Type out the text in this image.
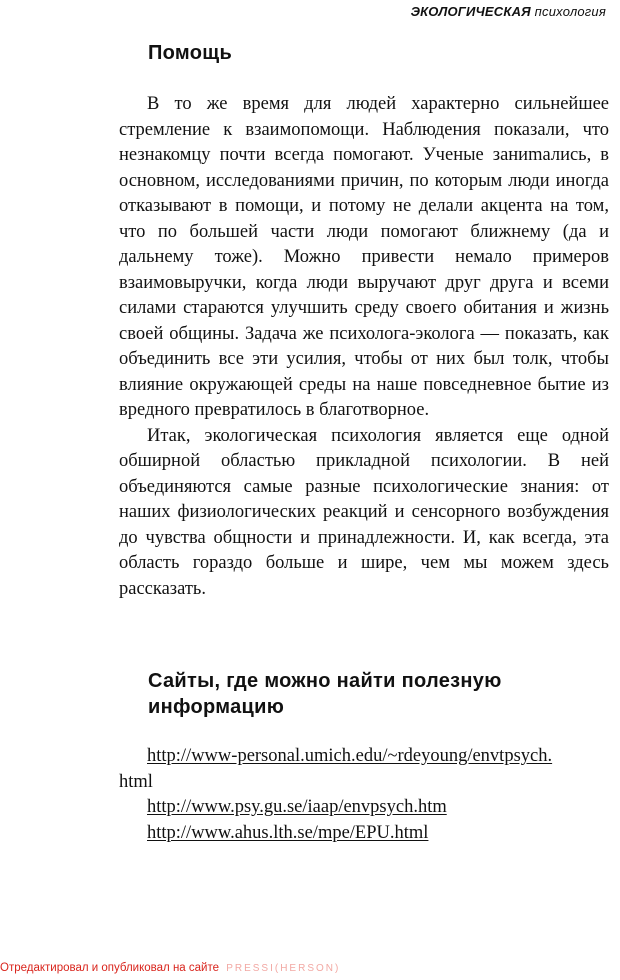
ЭКОЛОГИЧЕСКАЯ психология
Помощь

В то же время для людей характерно сильнейшее стремление к взаимопомощи. Наблюдения показали, что незнакомцу почти всегда помогают. Ученые заниmались, в основном, исследованиями причин, по которым люди иногда отказывают в помощи, и потому не делали акцента на том, что по большей части люди помогают ближнему (да и дальнему тоже). Можно привести немало примеров взаимовыручки, когда люди выручают друг друга и всеми силами стараются улучшить среду своего обитания и жизнь своей общины. Задача же психолога-эколога — показать, как объединить все эти усилия, чтобы от них был толк, чтобы влияние окружающей среды на наше повседневное бытие из вредного превратилось в благотворное.

Итак, экологическая психология является еще одной обширной областью прикладной психологии. В ней объединяются самые разные психологические знания: от наших физиологических реакций и сенсорного возбуждения до чувства общности и принадлежности. И, как всегда, эта область гораздо больше и шире, чем мы можем здесь рассказать.

Сайты, где можно найти полезную информацию
http://www-personal.umich.edu/~rdeyoung/envtpsych.
html
http://www.psy.gu.se/iaap/envpsych.htm
http://www.ahus.lth.se/mpe/EPU.html
Отредактировал и опубликовал на сайте PRESSI(HERSON)
